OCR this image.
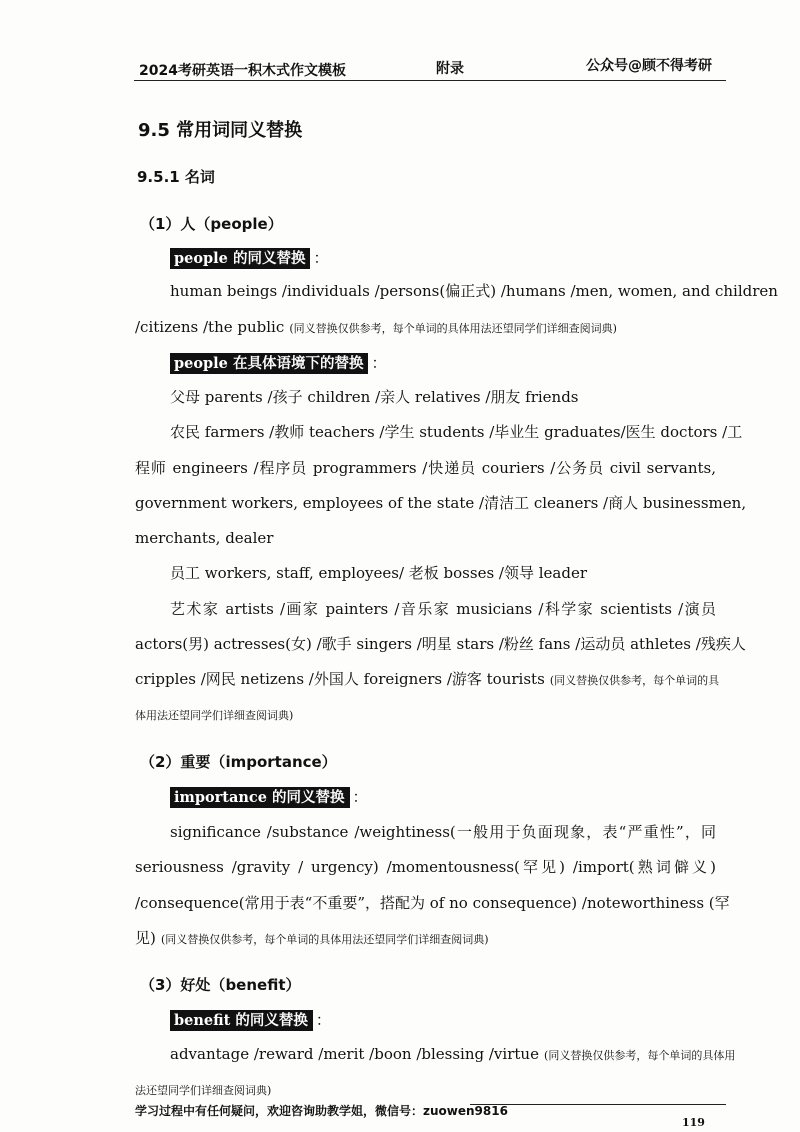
2024考研英语一积木式作文模板	附录	公众号@顾不得考研
9.5 常用词同义替换
9.5.1 名词
（1）人（people）
people 的同义替换 ：
human beings /individuals /persons(偏正式) /humans /men, women, and children
/citizens /the public (同义替换仅供参考，每个单词的具体用法还望同学们详细查阅词典)
people 在具体语境下的替换 ：
父母 parents /孩子 children /亲人 relatives /朋友 friends
农民 farmers /教师 teachers /学生 students /毕业生 graduates/医生 doctors /工
程师 engineers /程序员 programmers /快递员 couriers /公务员 civil servants,
government workers, employees of the state /清洁工 cleaners /商人 businessmen,
merchants, dealer
员工 workers, staff, employees/ 老板 bosses /领导 leader
艺术家 artists /画家 painters /音乐家 musicians /科学家 scientists /演员
actors(男) actresses(女) /歌手 singers /明星 stars /粉丝 fans /运动员 athletes /残疾人
cripples /网民 netizens /外国人 foreigners /游客 tourists (同义替换仅供参考，每个单词的具
体用法还望同学们详细查阅词典)
（2）重要（importance）
importance 的同义替换 ：
significance /substance /weightiness(一般用于负面现象，表“严重性”，同
seriousness /gravity / urgency) /momentousness(罕见) /import(熟词僻义)
/consequence(常用于表“不重要”，搭配为 of no consequence) /noteworthiness (罕
见) (同义替换仅供参考，每个单词的具体用法还望同学们详细查阅词典)
（3）好处（benefit）
benefit 的同义替换 ：
advantage /reward /merit /boon /blessing /virtue (同义替换仅供参考，每个单词的具体用
法还望同学们详细查阅词典)
学习过程中有任何疑问，欢迎咨询助教学姐，微信号：zuowen9816
119
